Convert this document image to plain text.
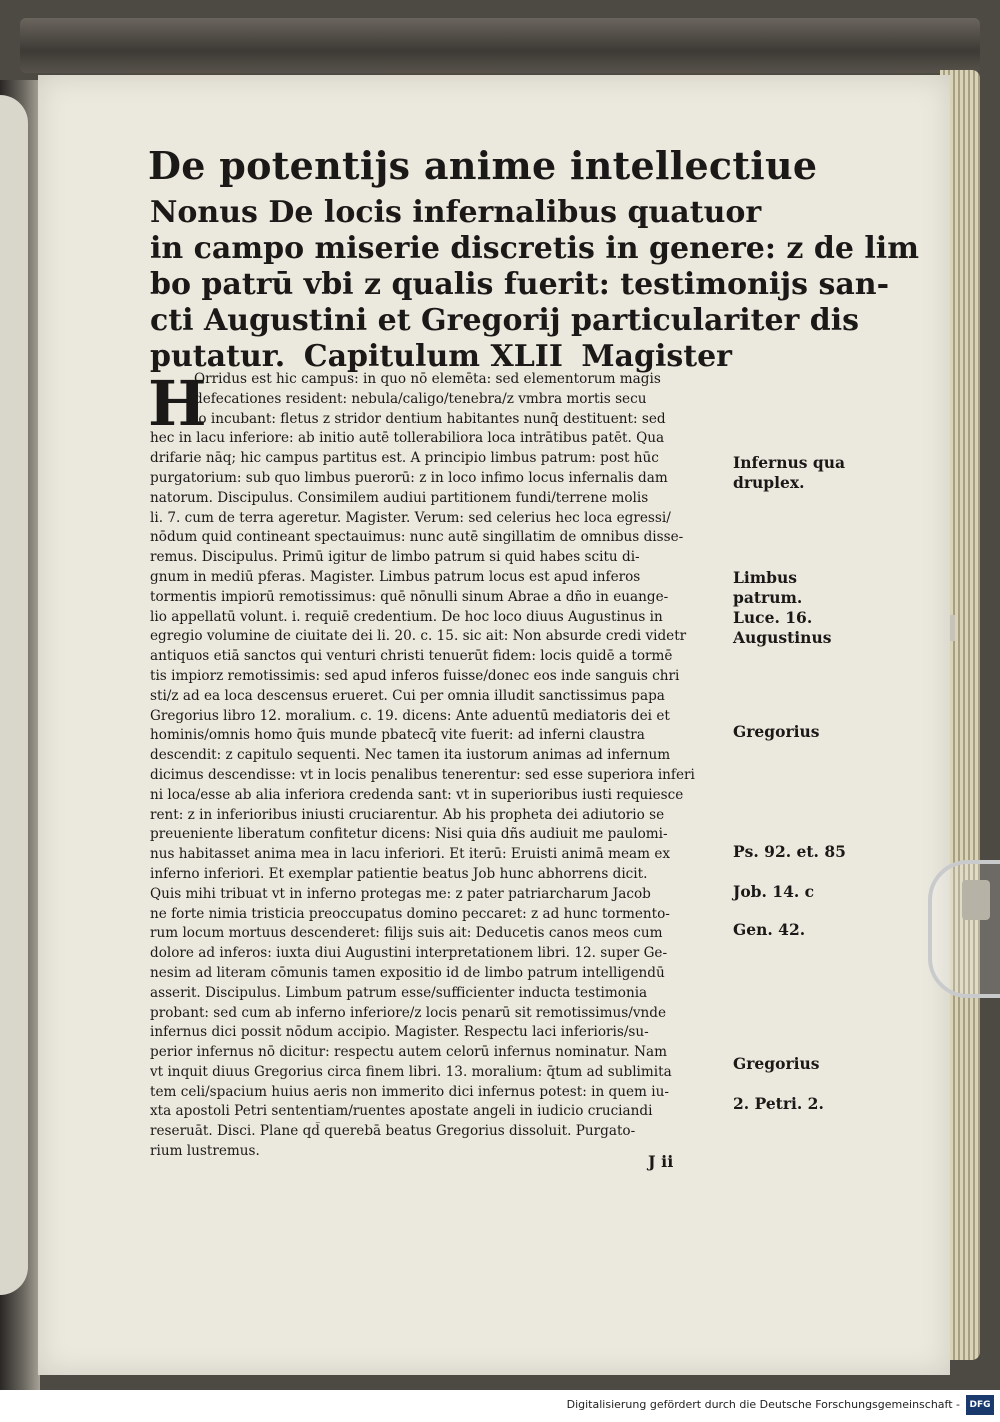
De potentijs anime intellectiue
Nonus De locis infernalibus quatuor
in campo miserie discretis in genere: z de lim
bo patrū vbi z qualis fuerit: testimonijs san-
cti Augustini et Gregorij particulariter dis
putatur. Capitulum XLII Magister
H
Orridus est hic campus: in quo nō elemēta: sed elementorum magis
defecationes resident: nebula/caligo/tenebra/z vmbra mortis secu
lo incubant: fletus z stridor dentium habitantes nunq̄ destituent: sed
hec in lacu inferiore: ab initio autē tollerabiliora loca intrātibus patēt. Qua
drifarie nāq; hic campus partitus est. A principio limbus patrum: post hūc
purgatorium: sub quo limbus puerorū: z in loco infimo locus infernalis dam
natorum. Discipulus. Consimilem audiui partitionem fundi/terrene molis
li. 7. cum de terra ageretur. Magister. Verum: sed celerius hec loca egressi/
nōdum quid contineant spectauimus: nunc autē singillatim de omnibus disse-
remus. Discipulus. Primū igitur de limbo patrum si quid habes scitu di-
gnum in mediū pferas. Magister. Limbus patrum locus est apud inferos
tormentis impiorū remotissimus: quē nōnulli sinum Abrae a dño in euange-
lio appellatū volunt. i. requiē credentium. De hoc loco diuus Augustinus in
egregio volumine de ciuitate dei li. 20. c. 15. sic ait: Non absurde credi videtr
antiquos etiā sanctos qui venturi christi tenuerūt fidem: locis quidē a tormē
tis impiorz remotissimis: sed apud inferos fuisse/donec eos inde sanguis chri
sti/z ad ea loca descensus erueret. Cui per omnia illudit sanctissimus papa
Gregorius libro 12. moralium. c. 19. dicens: Ante aduentū mediatoris dei et
hominis/omnis homo q̄uis munde pbatecq̄ vite fuerit: ad inferni claustra
descendit: z capitulo sequenti. Nec tamen ita iustorum animas ad infernum
dicimus descendisse: vt in locis penalibus tenerentur: sed esse superiora inferi
ni loca/esse ab alia inferiora credenda sant: vt in superioribus iusti requiesce
rent: z in inferioribus iniusti cruciarentur. Ab his propheta dei adiutorio se
preueniente liberatum confitetur dicens: Nisi quia dñs audiuit me paulomi-
nus habitasset anima mea in lacu inferiori. Et iterū: Eruisti animā meam ex
inferno inferiori. Et exemplar patientie beatus Job hunc abhorrens dicit.
Quis mihi tribuat vt in inferno protegas me: z pater patriarcharum Jacob
ne forte nimia tristicia preoccupatus domino peccaret: z ad hunc tormento-
rum locum mortuus descenderet: filijs suis ait: Deducetis canos meos cum
dolore ad inferos: iuxta diui Augustini interpretationem libri. 12. super Ge-
nesim ad literam cōmunis tamen expositio id de limbo patrum intelligendū
asserit. Discipulus. Limbum patrum esse/sufficienter inducta testimonia
probant: sed cum ab inferno inferiore/z locis penarū sit remotissimus/vnde
infernus dici possit nōdum accipio. Magister. Respectu laci inferioris/su-
perior infernus nō dicitur: respectu autem celorū infernus nominatur. Nam
vt inquit diuus Gregorius circa finem libri. 13. moralium: q̄tum ad sublimita
tem celi/spacium huius aeris non immerito dici infernus potest: in quem iu-
xta apostoli Petri sententiam/ruentes apostate angeli in iudicio cruciandi
reseruāt. Disci. Plane qd̄ querebā beatus Gregorius dissoluit. Purgato-
rium lustremus.
Infernus qua
druplex.
Limbus
patrum.
Luce. 16.
Augustinus
Gregorius
Ps. 92. et. 85
Job. 14. c
Gen. 42.
Gregorius
2. Petri. 2.
J ii
Digitalisierung gefördert durch die Deutsche Forschungsgemeinschaft -	DFG
